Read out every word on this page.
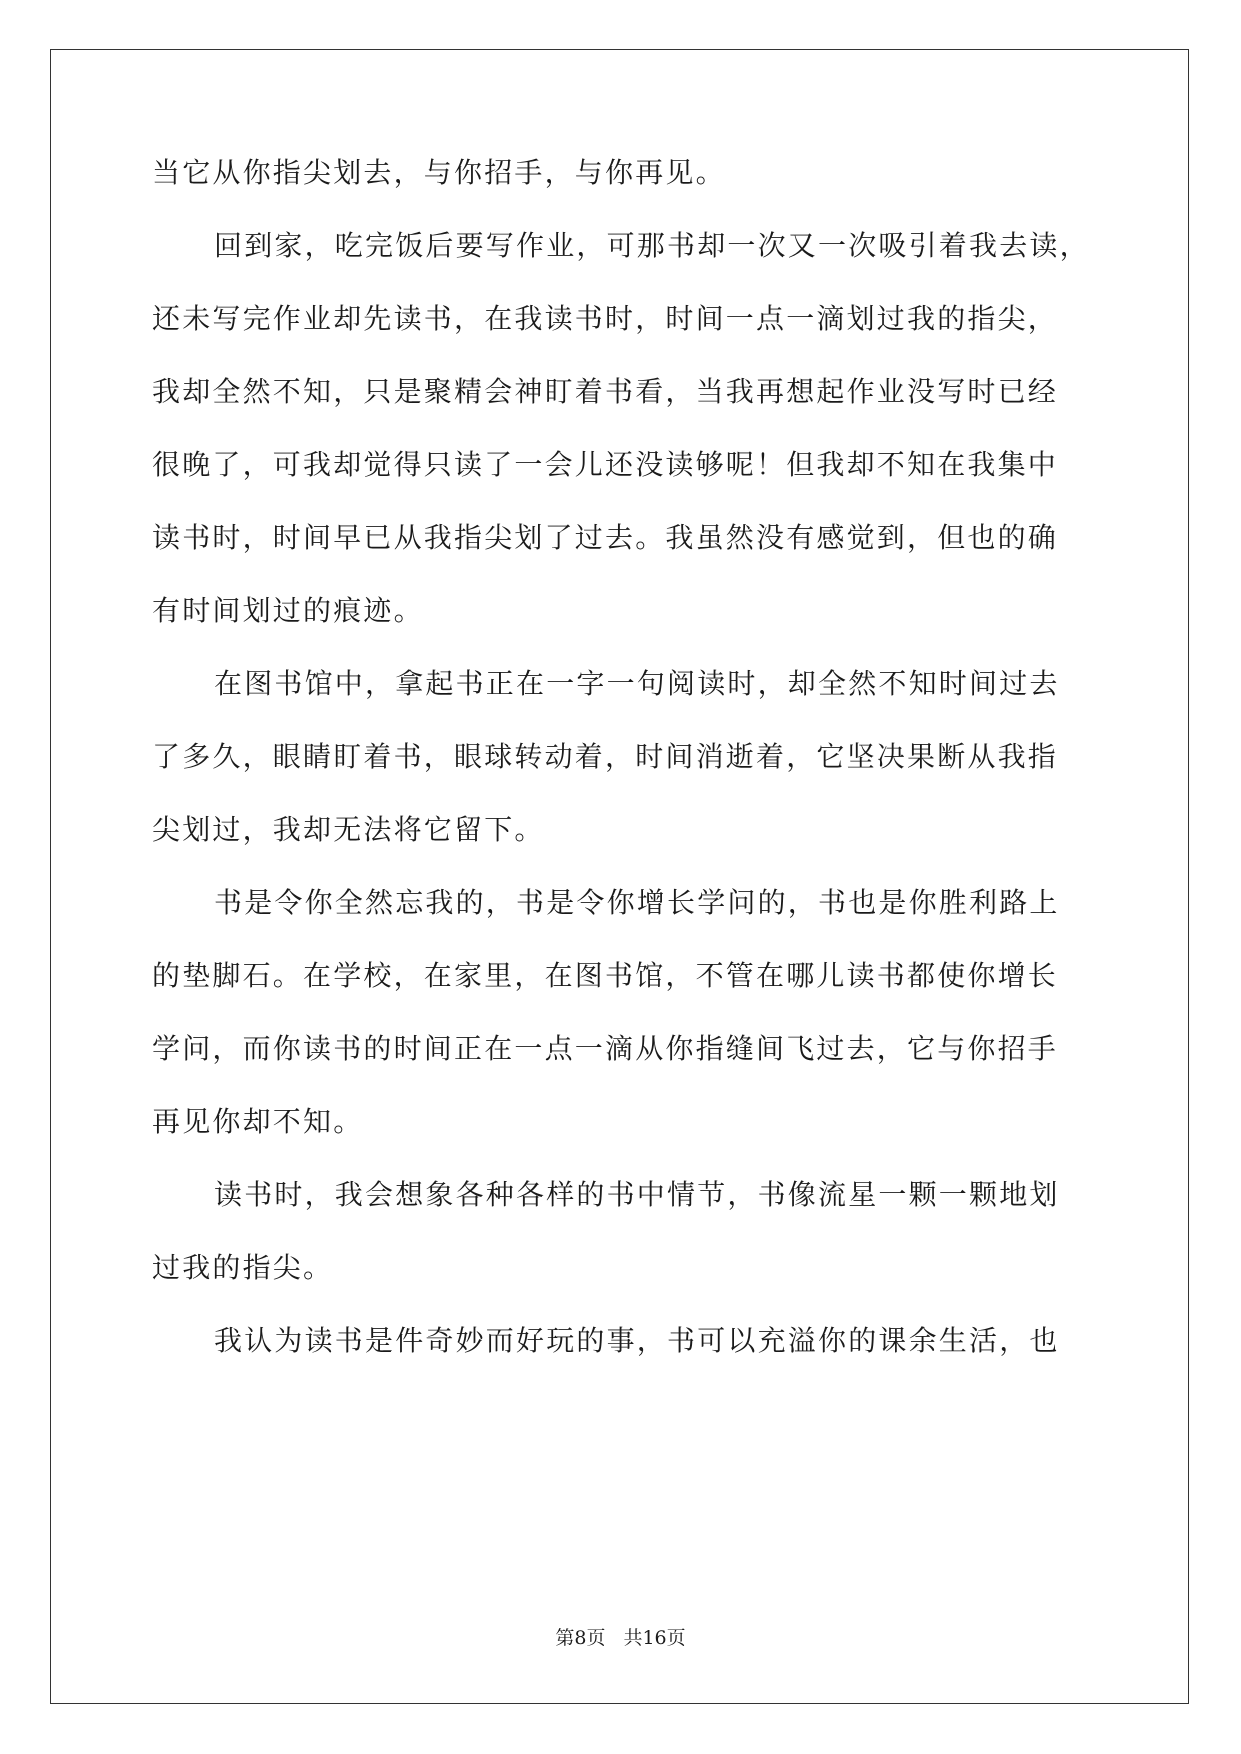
当它从你指尖划去，与你招手，与你再见。

回到家，吃完饭后要写作业，可那书却一次又一次吸引着我去读，

还未写完作业却先读书，在我读书时，时间一点一滴划过我的指尖，

我却全然不知，只是聚精会神盯着书看，当我再想起作业没写时已经

很晚了，可我却觉得只读了一会儿还没读够呢！但我却不知在我集中

读书时，时间早已从我指尖划了过去。我虽然没有感觉到，但也的确

有时间划过的痕迹。

在图书馆中，拿起书正在一字一句阅读时，却全然不知时间过去

了多久，眼睛盯着书，眼球转动着，时间消逝着，它坚决果断从我指

尖划过，我却无法将它留下。

书是令你全然忘我的，书是令你增长学问的，书也是你胜利路上

的垫脚石。在学校，在家里，在图书馆，不管在哪儿读书都使你增长

学问，而你读书的时间正在一点一滴从你指缝间飞过去，它与你招手

再见你却不知。

读书时，我会想象各种各样的书中情节，书像流星一颗一颗地划

过我的指尖。

我认为读书是件奇妙而好玩的事，书可以充溢你的课余生活，也

第8页 共16页
